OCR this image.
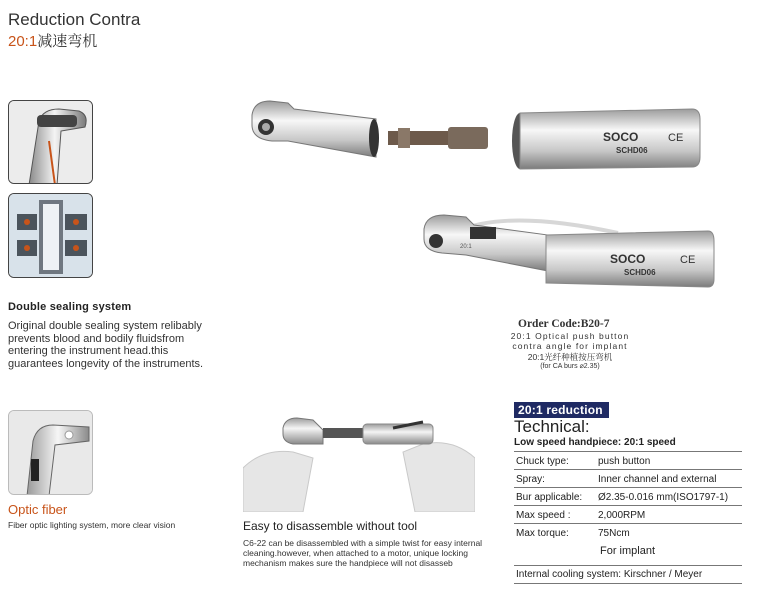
Reduction Contra
20:1减速弯机
Double sealing system
Original double sealing system relibably prevents blood and bodily fluidsfrom entering the instrument head.this guarantees longevity of the instruments.
Optic fiber
Fiber optic lighting system, more clear vision
SOCO
SCHD06
CE
20:1
SOCO
SCHD06
CE
Order Code:B20-7
20:1 Optical push button
contra angle for implant
20:1光纤种植按压弯机
(for CA burs ⌀2.35)
Easy to disassemble without tool
C6-22 can be disassembled with a simple twist for easy internal cleaning.however, when attached to a motor, unique locking mechanism makes sure the handpiece will not disasseb
20:1 reduction
Technical:
Low speed handpiece: 20:1 speed
Chuck type:	push button
Spray:	Inner channel and external
Bur applicable: Ø2.35-0.016 mm(ISO1797-1)
Max speed :	2,000RPM
Max torque:	75Ncm
For implant
Internal cooling system: Kirschner / Meyer
